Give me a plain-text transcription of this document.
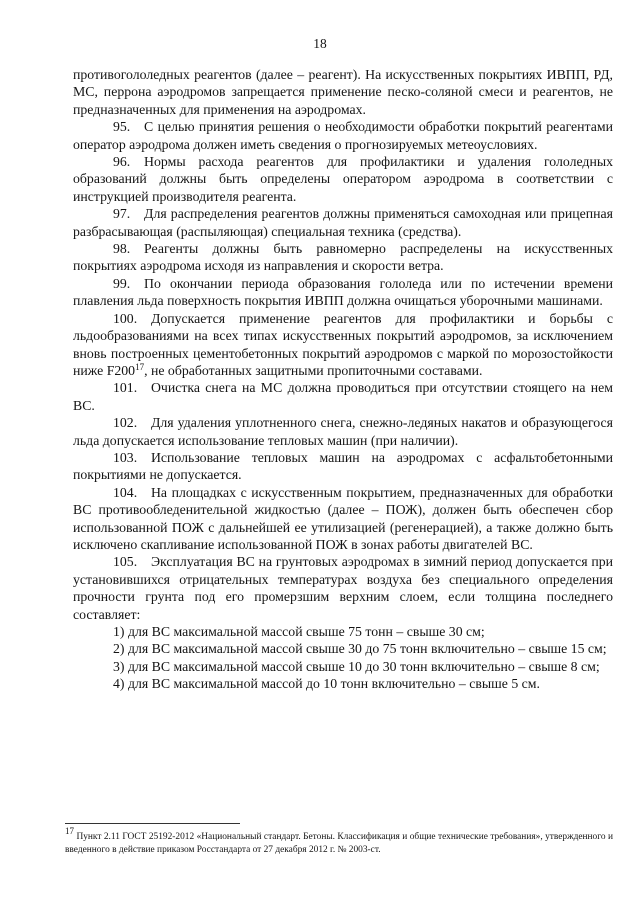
18

противогололедных реагентов (далее – реагент). На искусственных покрытиях ИВПП, РД, МС, перрона аэродромов запрещается применение песко-соляной смеси и реагентов, не предназначенных для применения на аэродромах.

95.  С целью принятия решения о необходимости обработки покрытий реагентами оператор аэродрома должен иметь сведения о прогнозируемых метеоусловиях.

96.  Нормы расхода реагентов для профилактики и удаления гололедных образований должны быть определены оператором аэродрома в соответствии с инструкцией производителя реагента.

97.  Для распределения реагентов должны применяться самоходная или прицепная разбрасывающая (распыляющая) специальная техника (средства).

98.  Реагенты должны быть равномерно распределены на искусственных покрытиях аэродрома исходя из направления и скорости ветра.

99.  По окончании периода образования гололеда или по истечении времени плавления льда поверхность покрытия ИВПП должна очищаться уборочными машинами.

100.  Допускается применение реагентов для профилактики и борьбы с льдообразованиями на всех типах искусственных покрытий аэродромов, за исключением вновь построенных цементобетонных покрытий аэродромов с маркой по морозостойкости ниже $F200^{17}$, не обработанных защитными пропиточными составами.

101.  Очистка снега на МС должна проводиться при отсутствии стоящего на нем ВС.

102.  Для удаления уплотненного снега, снежно-ледяных накатов и образующегося льда допускается использование тепловых машин (при наличии).

103.  Использование тепловых машин на аэродромах с асфальтобетонными покрытиями не допускается.

104.  На площадках с искусственным покрытием, предназначенных для обработки ВС противообледенительной жидкостью (далее – ПОЖ), должен быть обеспечен сбор использованной ПОЖ с дальнейшей ее утилизацией (регенерацией), а также должно быть исключено скапливание использованной ПОЖ в зонах работы двигателей ВС.

105.  Эксплуатация ВС на грунтовых аэродромах в зимний период допускается при установившихся отрицательных температурах воздуха без специального определения прочности грунта под его промерзшим верхним слоем, если толщина последнего составляет:

1) для ВС максимальной массой свыше 75 тонн – свыше 30 см;

2) для ВС максимальной массой свыше 30 до 75 тонн включительно – свыше 15 см;

3) для ВС максимальной массой свыше 10 до 30 тонн включительно – свыше 8 см;

4) для ВС максимальной массой до 10 тонн включительно – свыше 5 см.

$^{17}$ Пункт 2.11 ГОСТ 25192-2012 «Национальный стандарт. Бетоны. Классификация и общие технические требования», утвержденного и введенного в действие приказом Росстандарта от 27 декабря 2012 г. № 2003-ст.
